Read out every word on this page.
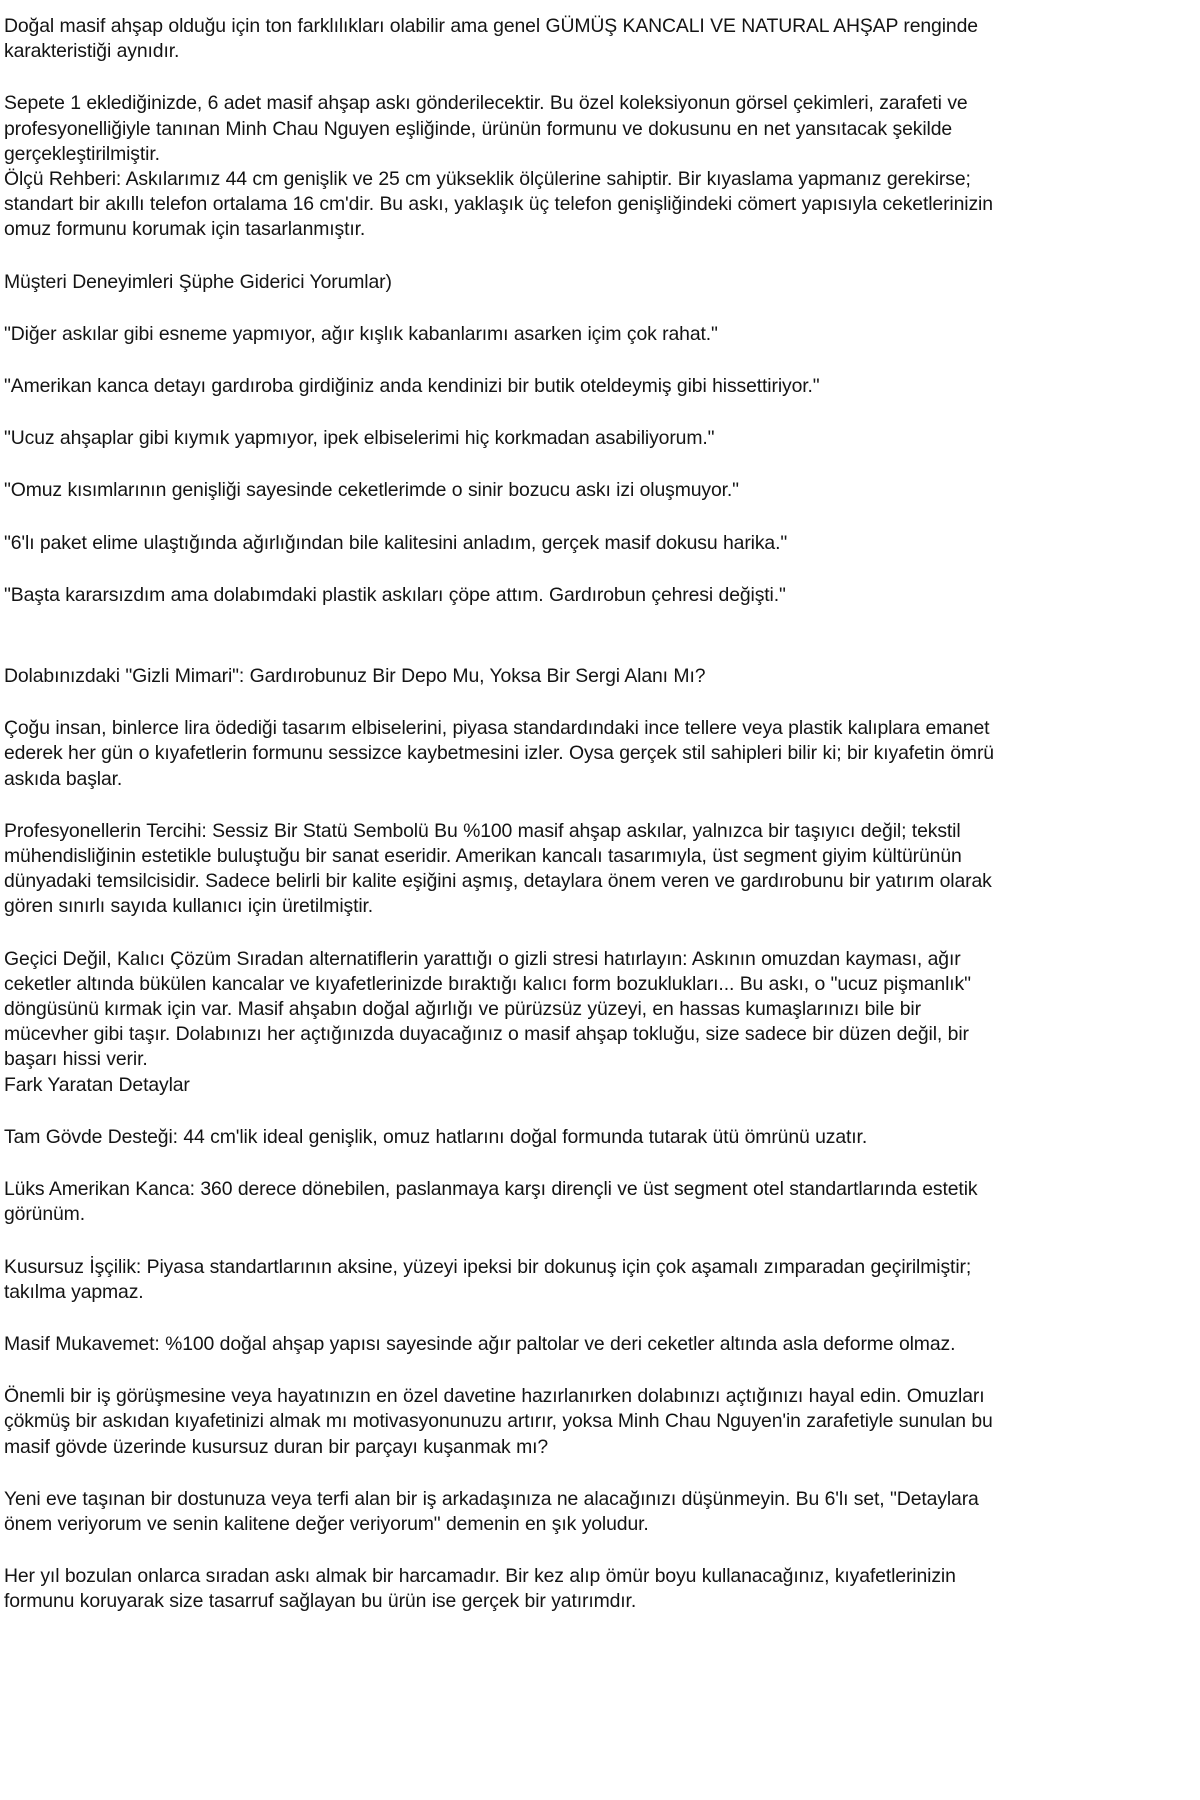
Doğal masif ahşap olduğu için ton farklılıkları olabilir ama genel GÜMÜŞ KANCALI VE NATURAL AHŞAP renginde karakteristiği aynıdır.

Sepete 1 eklediğinizde, 6 adet masif ahşap askı gönderilecektir. Bu özel koleksiyonun görsel çekimleri, zarafeti ve profesyonelliğiyle tanınan Minh Chau Nguyen eşliğinde, ürünün formunu ve dokusunu en net yansıtacak şekilde gerçekleştirilmiştir.

Ölçü Rehberi: Askılarımız 44 cm genişlik ve 25 cm yükseklik ölçülerine sahiptir. Bir kıyaslama yapmanız gerekirse; standart bir akıllı telefon ortalama 16 cm'dir. Bu askı, yaklaşık üç telefon genişliğindeki cömert yapısıyla ceketlerinizin omuz formunu korumak için tasarlanmıştır.

Müşteri Deneyimleri Şüphe Giderici Yorumlar)

"Diğer askılar gibi esneme yapmıyor, ağır kışlık kabanlarımı asarken içim çok rahat."

"Amerikan kanca detayı gardıroba girdiğiniz anda kendinizi bir butik oteldeymiş gibi hissettiriyor."

"Ucuz ahşaplar gibi kıymık yapmıyor, ipek elbiselerimi hiç korkmadan asabiliyorum."

"Omuz kısımlarının genişliği sayesinde ceketlerimde o sinir bozucu askı izi oluşmuyor."

"6'lı paket elime ulaştığında ağırlığından bile kalitesini anladım, gerçek masif dokusu harika."

"Başta kararsızdım ama dolabımdaki plastik askıları çöpe attım. Gardırobun çehresi değişti."

Dolabınızdaki "Gizli Mimari": Gardırobunuz Bir Depo Mu, Yoksa Bir Sergi Alanı Mı?

Çoğu insan, binlerce lira ödediği tasarım elbiselerini, piyasa standardındaki ince tellere veya plastik kalıplara emanet ederek her gün o kıyafetlerin formunu sessizce kaybetmesini izler. Oysa gerçek stil sahipleri bilir ki; bir kıyafetin ömrü askıda başlar.

Profesyonellerin Tercihi: Sessiz Bir Statü Sembolü Bu %100 masif ahşap askılar, yalnızca bir taşıyıcı değil; tekstil mühendisliğinin estetikle buluştuğu bir sanat eseridir. Amerikan kancalı tasarımıyla, üst segment giyim kültürünün dünyadaki temsilcisidir. Sadece belirli bir kalite eşiğini aşmış, detaylara önem veren ve gardırobunu bir yatırım olarak gören sınırlı sayıda kullanıcı için üretilmiştir.

Geçici Değil, Kalıcı Çözüm Sıradan alternatiflerin yarattığı o gizli stresi hatırlayın: Askının omuzdan kayması, ağır ceketler altında bükülen kancalar ve kıyafetlerinizde bıraktığı kalıcı form bozuklukları... Bu askı, o "ucuz pişmanlık" döngüsünü kırmak için var. Masif ahşabın doğal ağırlığı ve pürüzsüz yüzeyi, en hassas kumaşlarınızı bile bir mücevher gibi taşır. Dolabınızı her açtığınızda duyacağınız o masif ahşap tokluğu, size sadece bir düzen değil, bir başarı hissi verir.

Fark Yaratan Detaylar

Tam Gövde Desteği: 44 cm'lik ideal genişlik, omuz hatlarını doğal formunda tutarak ütü ömrünü uzatır.

Lüks Amerikan Kanca: 360 derece dönebilen, paslanmaya karşı dirençli ve üst segment otel standartlarında estetik görünüm.

Kusursuz İşçilik: Piyasa standartlarının aksine, yüzeyi ipeksi bir dokunuş için çok aşamalı zımparadan geçirilmiştir; takılma yapmaz.

Masif Mukavemet: %100 doğal ahşap yapısı sayesinde ağır paltolar ve deri ceketler altında asla deforme olmaz.

Önemli bir iş görüşmesine veya hayatınızın en özel davetine hazırlanırken dolabınızı açtığınızı hayal edin. Omuzları çökmüş bir askıdan kıyafetinizi almak mı motivasyonunuzu artırır, yoksa Minh Chau Nguyen'in zarafetiyle sunulan bu masif gövde üzerinde kusursuz duran bir parçayı kuşanmak mı?

Yeni eve taşınan bir dostunuza veya terfi alan bir iş arkadaşınıza ne alacağınızı düşünmeyin. Bu 6'lı set, "Detaylara önem veriyorum ve senin kalitene değer veriyorum" demenin en şık yoludur.

Her yıl bozulan onlarca sıradan askı almak bir harcamadır. Bir kez alıp ömür boyu kullanacağınız, kıyafetlerinizin formunu koruyarak size tasarruf sağlayan bu ürün ise gerçek bir yatırımdır.
